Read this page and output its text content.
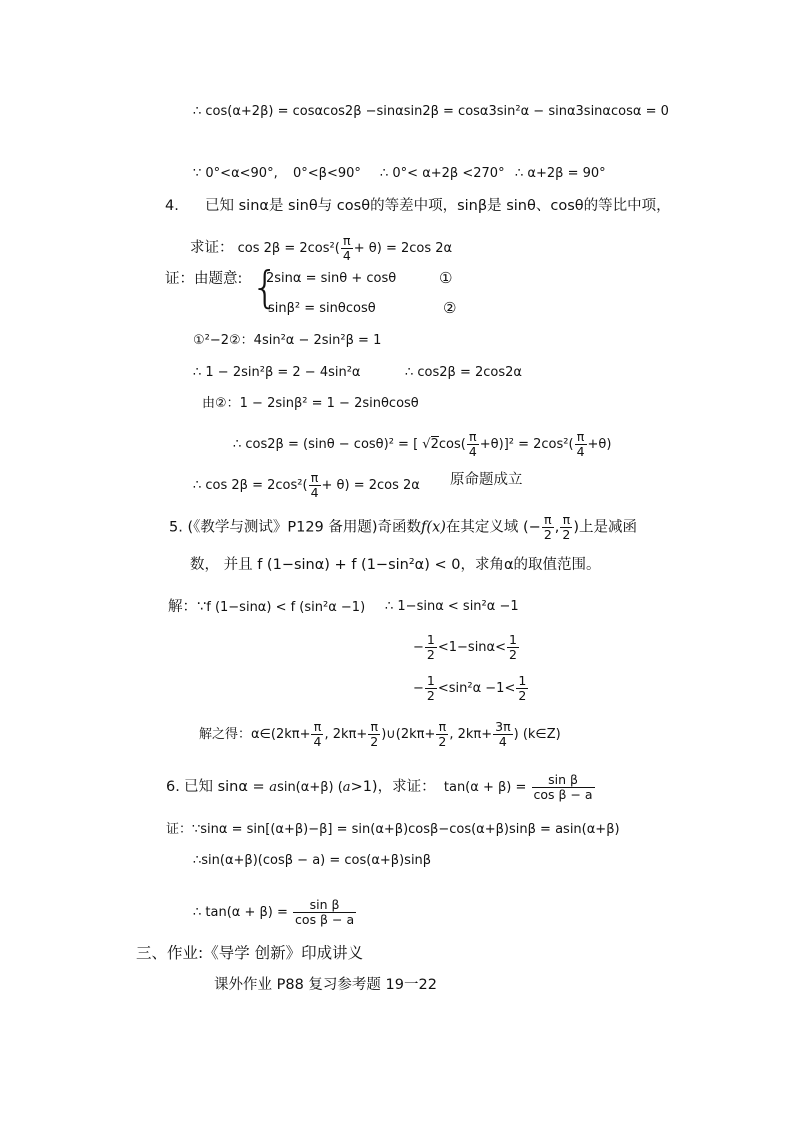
∴ cos(α+2β) = cosαcos2β −sinαsin2β = cosα3sin²α − sinα3sinαcosα = 0
∵ 0°<α<90°, 0°<β<90° ∴ 0°< α+2β <270° ∴ α+2β = 90°
4. 已知 sinα是 sinθ与 cosθ的等差中项，sinβ是 sinθ、cosθ的等比中项，
求证： $\cos 2\beta = 2\cos^2( \frac{\pi}{4} + \theta) = 2\cos$ 2α
证：由题意: {
2sinα = sinθ + cosθ	①
sinβ² = sinθcosθ	②
①²−2②：4sin²α − 2sin²β = 1
∴ 1 − 2sin²β = 2 − 4sin²α	∴ cos2β = 2cos2α
由②：1 − 2sinβ² = 1 − 2sinθcosθ
∴ cos2β = (sinθ − cosθ)² = [ $√2\cos( \frac{\pi}{4} +\theta)]^2 = 2\cos^2( \frac{\pi}{4} +\theta)$
∴ $\cos 2\beta = 2\cos^2( \frac{\pi}{4} + \theta) = 2\cos$ 2α 原命题成立
5. (《教学与测试》P129 备用题)奇函数f(x)在其定义域 (− $\frac{\pi}{2}$ , $\frac{\pi}{2}$ )上是减函
数， 并且 f (1−sinα) + f (1−sin²α) < 0，求角α的取值范围。
解：∵f (1−sinα) < f (sin²α −1) ∴ 1−sinα < sin²α −1
− $\frac{1}{2} <1-\sin\alpha< \frac{1}{2}$
− $\frac{1}{2} <\sin^2\alpha -1< \frac{1}{2}$
解之得：α∈(2kπ+ $\frac{\pi}{4}$ , $2k\pi+ \frac{\pi}{2}$ )∪(2kπ+ $\frac{\pi}{2}$ , $2k\pi+ \frac{3\pi}{4}$ ) (k∈Z)
6. 已知 sinα = asin(α+β) (a>1)，求证： $\tan(\alpha + \beta) = \frac{\text{sin β}}{\text{cos β − a}}$
证：∵sinα = sin[(α+β)−β] = sin(α+β)cosβ−cos(α+β)sinβ = asin(α+β)
∴sin(α+β)(cosβ − a) = cos(α+β)sinβ
∴ $\tan(\alpha + \beta) = \frac{\text{sin β}}{\text{cos β − a}}$
三、作业:《导学 创新》印成讲义
课外作业 P88 复习参考题 19一22
